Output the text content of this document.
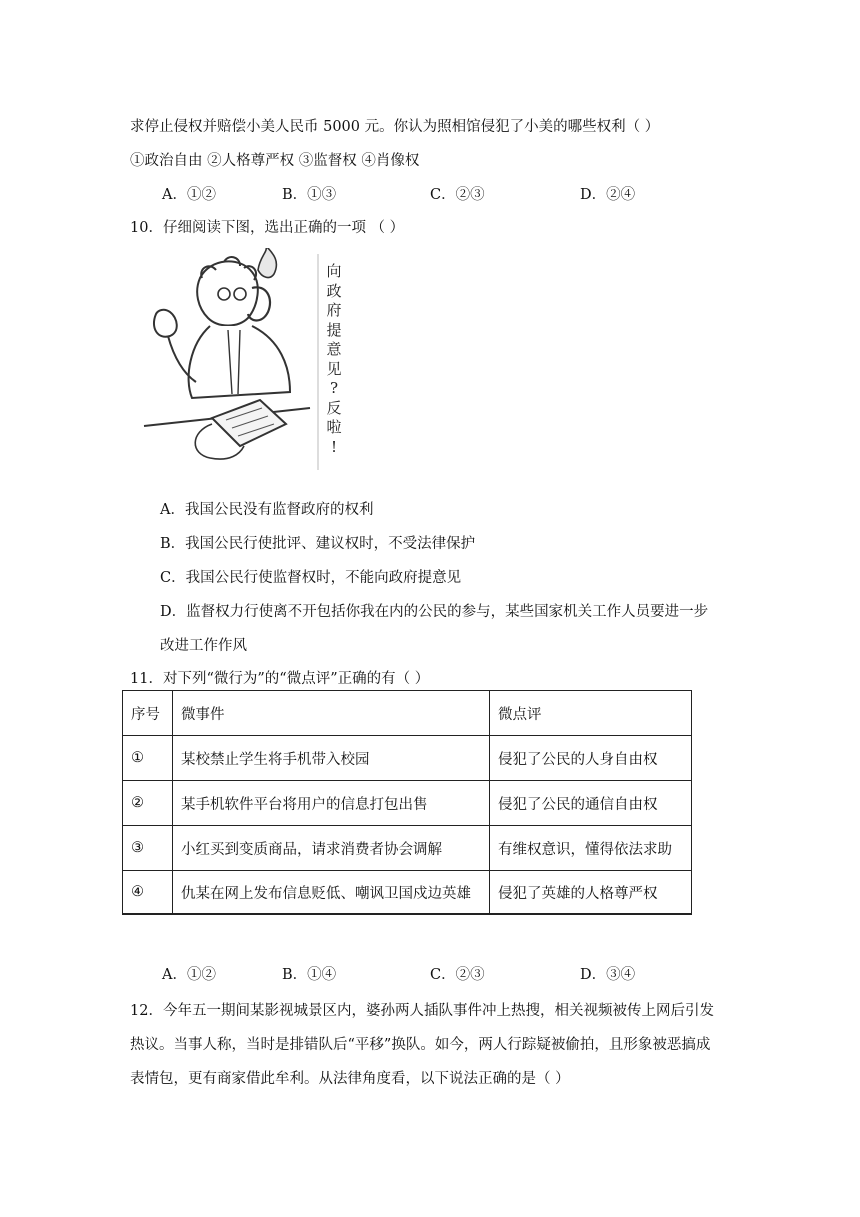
求停止侵权并赔偿小美人民币 5000 元。你认为照相馆侵犯了小美的哪些权利（ ）
①政治自由 ②人格尊严权 ③监督权 ④肖像权
A．①②	B．①③	C．②③	D．②④
10．仔细阅读下图，选出正确的一项 （ ）
向
政
府
提
意
见
?
反
啦
!
A．我国公民没有监督政府的权利
B．我国公民行使批评、建议权时，不受法律保护
C．我国公民行使监督权时，不能向政府提意见
D．监督权力行使离不开包括你我在内的公民的参与，某些国家机关工作人员要进一步
改进工作作风
11．对下列“微行为”的“微点评”正确的有（ ）
序号	微事件	微点评
①	某校禁止学生将手机带入校园	侵犯了公民的人身自由权
②	某手机软件平台将用户的信息打包出售	侵犯了公民的通信自由权
③	小红买到变质商品，请求消费者协会调解	有维权意识，懂得依法求助
④	仇某在网上发布信息贬低、嘲讽卫国戍边英雄	侵犯了英雄的人格尊严权
A．①②	B．①④	C．②③	D．③④
12．今年五一期间某影视城景区内，婆孙两人插队事件冲上热搜，相关视频被传上网后引发
热议。当事人称，当时是排错队后“平移”换队。如今，两人行踪疑被偷拍，且形象被恶搞成
表情包，更有商家借此牟利。从法律角度看，以下说法正确的是（ ）
